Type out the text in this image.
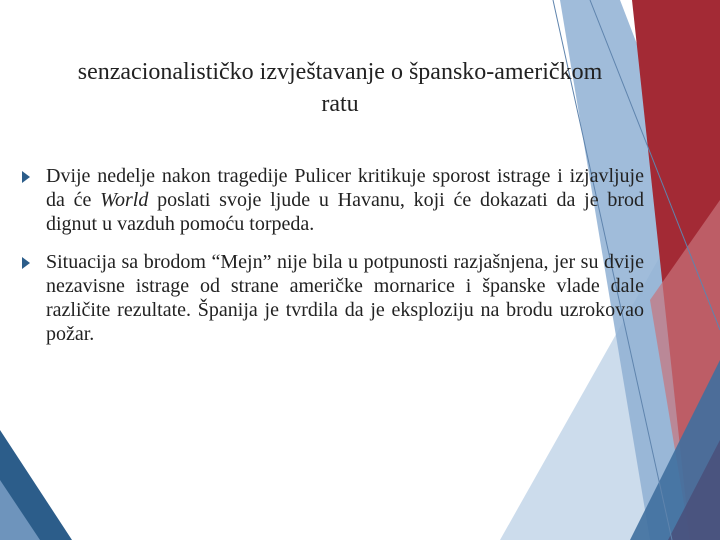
senzacionalističko izvještavanje o špansko-američkom ratu
Dvije nedelje nakon tragedije Pulicer kritikuje sporost istrage i izjavljuje da će World poslati svoje ljude u Havanu, koji će dokazati da je brod dignut u vazduh pomoću torpeda.
Situacija sa brodom “Mejn” nije bila u potpunosti razjašnjena, jer su dvije nezavisne istrage od strane američke mornarice i španske vlade dale različite rezultate. Španija je tvrdila da je eksploziju na brodu uzrokovao požar.
